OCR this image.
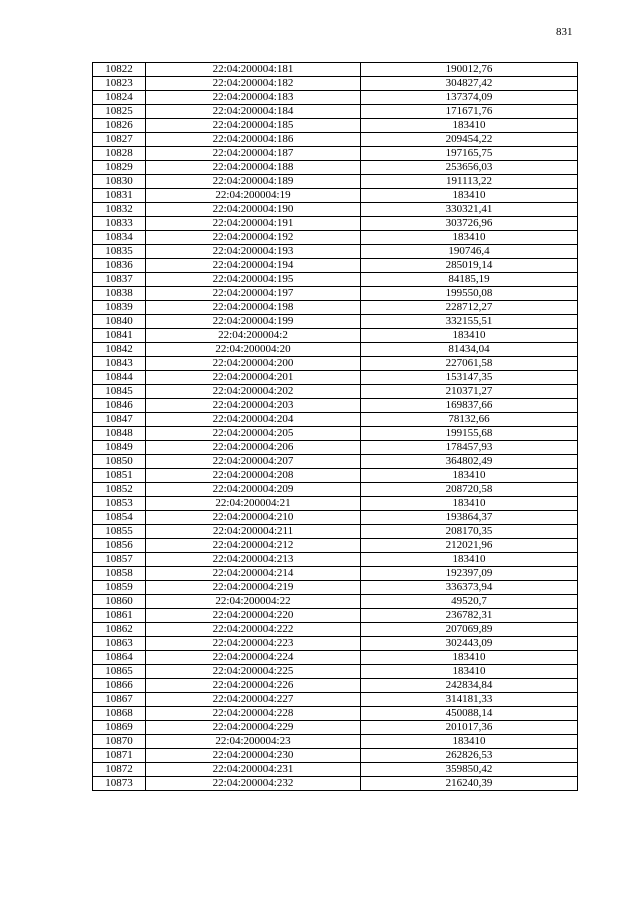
831
10822	22:04:200004:181	190012,76
10823	22:04:200004:182	304827,42
10824	22:04:200004:183	137374,09
10825	22:04:200004:184	171671,76
10826	22:04:200004:185	183410
10827	22:04:200004:186	209454,22
10828	22:04:200004:187	197165,75
10829	22:04:200004:188	253656,03
10830	22:04:200004:189	191113,22
10831	22:04:200004:19	183410
10832	22:04:200004:190	330321,41
10833	22:04:200004:191	303726,96
10834	22:04:200004:192	183410
10835	22:04:200004:193	190746,4
10836	22:04:200004:194	285019,14
10837	22:04:200004:195	84185,19
10838	22:04:200004:197	199550,08
10839	22:04:200004:198	228712,27
10840	22:04:200004:199	332155,51
10841	22:04:200004:2	183410
10842	22:04:200004:20	81434,04
10843	22:04:200004:200	227061,58
10844	22:04:200004:201	153147,35
10845	22:04:200004:202	210371,27
10846	22:04:200004:203	169837,66
10847	22:04:200004:204	78132,66
10848	22:04:200004:205	199155,68
10849	22:04:200004:206	178457,93
10850	22:04:200004:207	364802,49
10851	22:04:200004:208	183410
10852	22:04:200004:209	208720,58
10853	22:04:200004:21	183410
10854	22:04:200004:210	193864,37
10855	22:04:200004:211	208170,35
10856	22:04:200004:212	212021,96
10857	22:04:200004:213	183410
10858	22:04:200004:214	192397,09
10859	22:04:200004:219	336373,94
10860	22:04:200004:22	49520,7
10861	22:04:200004:220	236782,31
10862	22:04:200004:222	207069,89
10863	22:04:200004:223	302443,09
10864	22:04:200004:224	183410
10865	22:04:200004:225	183410
10866	22:04:200004:226	242834,84
10867	22:04:200004:227	314181,33
10868	22:04:200004:228	450088,14
10869	22:04:200004:229	201017,36
10870	22:04:200004:23	183410
10871	22:04:200004:230	262826,53
10872	22:04:200004:231	359850,42
10873	22:04:200004:232	216240,39
